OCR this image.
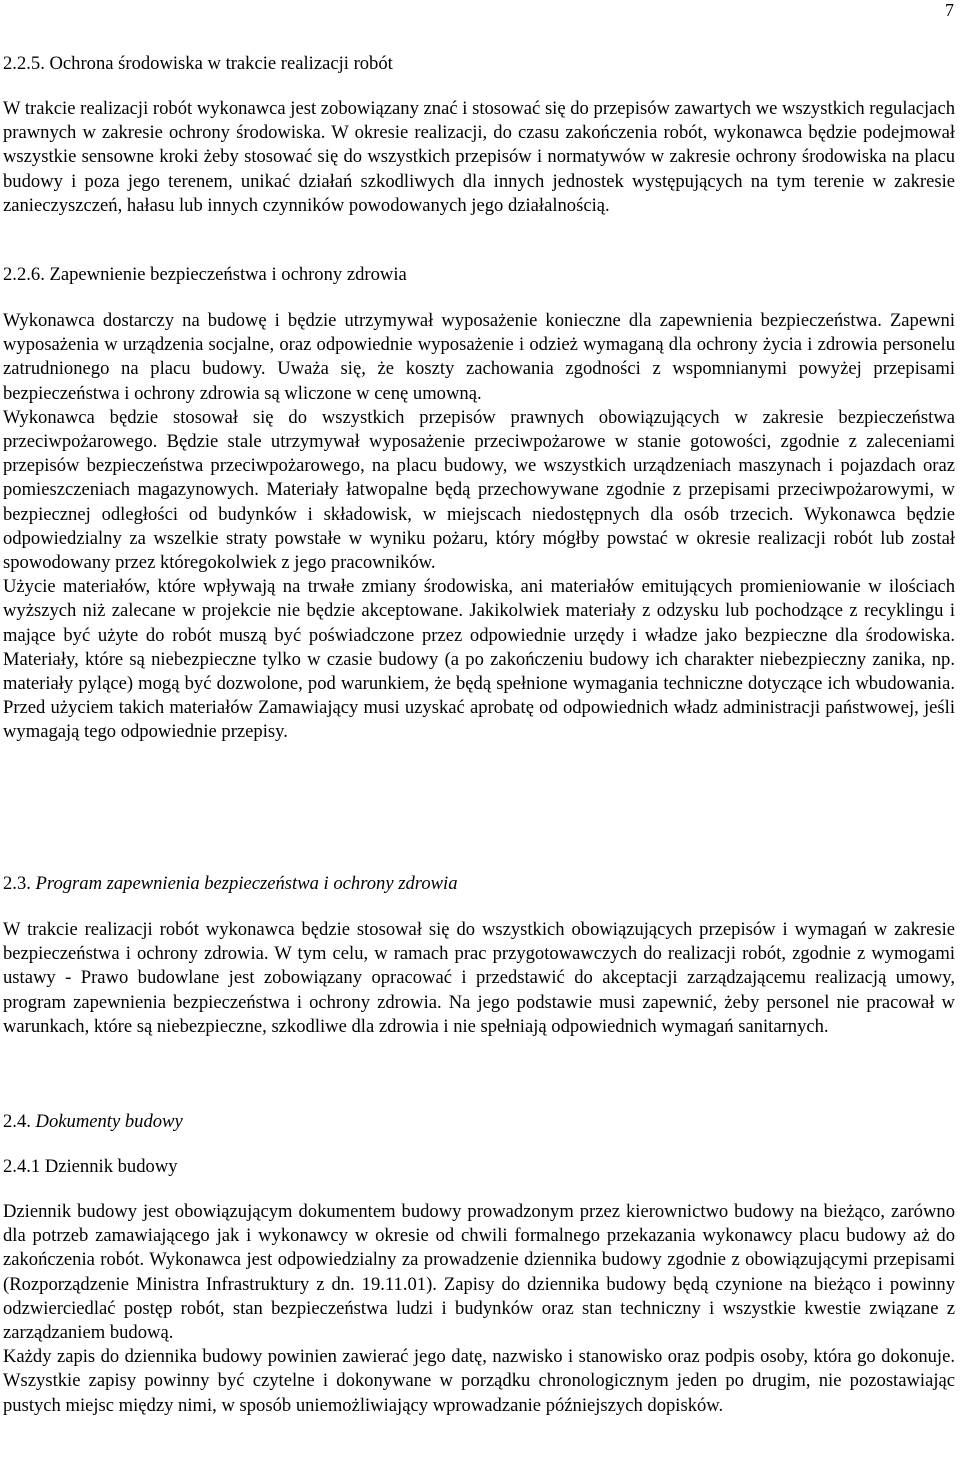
7
2.2.5. Ochrona środowiska w trakcie realizacji robót

W trakcie realizacji robót wykonawca jest zobowiązany znać i stosować się do przepisów zawartych we wszystkich regulacjach prawnych w zakresie ochrony środowiska. W okresie realizacji, do czasu zakończenia robót, wykonawca będzie podejmował wszystkie sensowne kroki żeby stosować się do wszystkich przepisów i normatywów w zakresie ochrony środowiska na placu budowy i poza jego terenem, unikać działań szkodliwych dla innych jednostek występujących na tym terenie w zakresie zanieczyszczeń, hałasu lub innych czynników powodowanych jego działalnością.

2.2.6. Zapewnienie bezpieczeństwa i ochrony zdrowia

Wykonawca dostarczy na budowę i będzie utrzymywał wyposażenie konieczne dla zapewnienia bezpieczeństwa. Zapewni wyposażenia w urządzenia socjalne, oraz odpowiednie wyposażenie i odzież wymaganą dla ochrony życia i zdrowia personelu zatrudnionego na placu budowy. Uważa się, że koszty zachowania zgodności z wspomnianymi powyżej przepisami bezpieczeństwa i ochrony zdrowia są wliczone w cenę umowną.

Wykonawca będzie stosował się do wszystkich przepisów prawnych obowiązujących w zakresie bezpieczeństwa przeciwpożarowego. Będzie stale utrzymywał wyposażenie przeciwpożarowe w stanie gotowości, zgodnie z zaleceniami przepisów bezpieczeństwa przeciwpożarowego, na placu budowy, we wszystkich urządzeniach maszynach i pojazdach oraz pomieszczeniach magazynowych. Materiały łatwopalne będą przechowywane zgodnie z przepisami przeciwpożarowymi, w bezpiecznej odległości od budynków i składowisk, w miejscach niedostępnych dla osób trzecich. Wykonawca będzie odpowiedzialny za wszelkie straty powstałe w wyniku pożaru, który mógłby powstać w okresie realizacji robót lub został spowodowany przez któregokolwiek z jego pracowników.

Użycie materiałów, które wpływają na trwałe zmiany środowiska, ani materiałów emitujących promieniowanie w ilościach wyższych niż zalecane w projekcie nie będzie akceptowane. Jakikolwiek materiały z odzysku lub pochodzące z recyklingu i mające być użyte do robót muszą być poświadczone przez odpowiednie urzędy i władze jako bezpieczne dla środowiska. Materiały, które są niebezpieczne tylko w czasie budowy (a po zakończeniu budowy ich charakter niebezpieczny zanika, np. materiały pylące) mogą być dozwolone, pod warunkiem, że będą spełnione wymagania techniczne dotyczące ich wbudowania. Przed użyciem takich materiałów Zamawiający musi uzyskać aprobatę od odpowiednich władz administracji państwowej, jeśli wymagają tego odpowiednie przepisy.

2.3. Program zapewnienia bezpieczeństwa i ochrony zdrowia

W trakcie realizacji robót wykonawca będzie stosował się do wszystkich obowiązujących przepisów i wymagań w zakresie bezpieczeństwa i ochrony zdrowia. W tym celu, w ramach prac przygotowawczych do realizacji robót, zgodnie z wymogami ustawy - Prawo budowlane jest zobowiązany opracować i przedstawić do akceptacji zarządzającemu realizacją umowy, program zapewnienia bezpieczeństwa i ochrony zdrowia. Na jego podstawie musi zapewnić, żeby personel nie pracował w warunkach, które są niebezpieczne, szkodliwe dla zdrowia i nie spełniają odpowiednich wymagań sanitarnych.

2.4. Dokumenty budowy
2.4.1 Dziennik budowy

Dziennik budowy jest obowiązującym dokumentem budowy prowadzonym przez kierownictwo budowy na bieżąco, zarówno dla potrzeb zamawiającego jak i wykonawcy w okresie od chwili formalnego przekazania wykonawcy placu budowy aż do zakończenia robót. Wykonawca jest odpowiedzialny za prowadzenie dziennika budowy zgodnie z obowiązującymi przepisami (Rozporządzenie Ministra Infrastruktury z dn. 19.11.01). Zapisy do dziennika budowy będą czynione na bieżąco i powinny odzwierciedlać postęp robót, stan bezpieczeństwa ludzi i budynków oraz stan techniczny i wszystkie kwestie związane z zarządzaniem budową.

Każdy zapis do dziennika budowy powinien zawierać jego datę, nazwisko i stanowisko oraz podpis osoby, która go dokonuje. Wszystkie zapisy powinny być czytelne i dokonywane w porządku chronologicznym jeden po drugim, nie pozostawiając pustych miejsc między nimi, w sposób uniemożliwiający wprowadzanie późniejszych dopisków.
